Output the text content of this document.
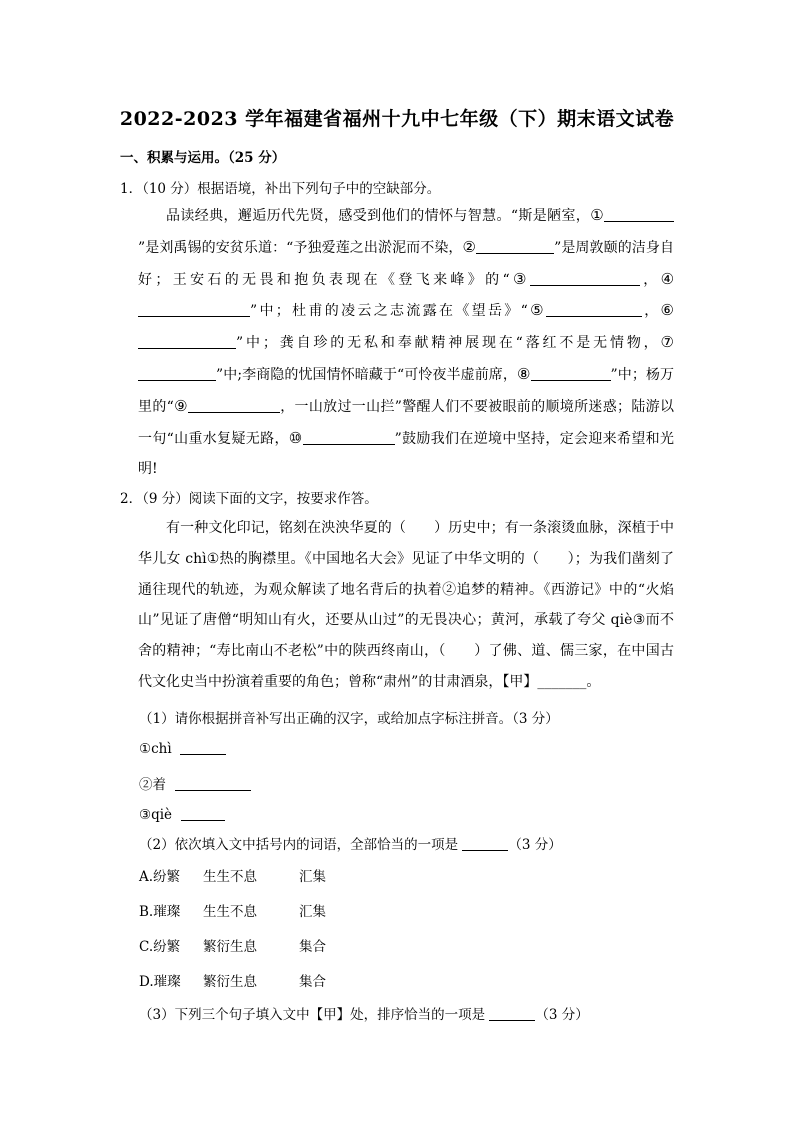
2022-2023 学年福建省福州十九中七年级（下）期末语文试卷
一、积累与运用。（25 分）
1．（10 分）根据语境，补出下列句子中的空缺部分。
品读经典，邂逅历代先贤，感受到他们的情怀与智慧。“斯是陋室，①”是刘禹锡的安贫乐道：“予独爱莲之出淤泥而不染，②	”是周敦颐的洁身自好；王安石的无畏和抱负表现在《登飞来峰》的“③	，④”中；杜甫的凌云之志流露在《望岳》“⑤	，⑥”中；龚自珍的无私和奉献精神展现在“落红不是无情物，⑦”中;李商隐的忧国情怀暗藏于“可怜夜半虚前席，⑧	”中；杨万里的“⑨	，一山放过一山拦”警醒人们不要被眼前的顺境所迷惑；陆游以一句“山重水复疑无路，⑩	”鼓励我们在逆境中坚持，定会迎来希望和光明!
2．（9 分）阅读下面的文字，按要求作答。
有一种文化印记，铭刻在泱泱华夏的（　　）历史中；有一条滚烫血脉，深植于中华儿女 chì①热的胸襟里。《中国地名大会》见证了中华文明的（　　）；为我们凿刻了通往现代的轨迹，为观众解读了地名背后的执着②追梦的精神。《西游记》中的“火焰山”见证了唐僧“明知山有火，还要从山过”的无畏决心；黄河，承载了夸父 qiè③而不舍的精神；“寿比南山不老松”中的陕西终南山，（　　）了佛、道、儒三家，在中国古代文化史当中扮演着重要的角色；曾称“肃州”的甘肃酒泉，【甲】_______。
（1）请你根据拼音补写出正确的汉字，或给加点字标注拼音。（3 分）
①chì
②着
③qiè
（2）依次填入文中括号内的词语，全部恰当的一项是	（3 分）
A.纷繁 生生不息	汇集
B.璀璨 生生不息	汇集
C.纷繁 繁衍生息	集合
D.璀璨 繁衍生息	集合
（3）下列三个句子填入文中【甲】处，排序恰当的一项是	（3 分）
